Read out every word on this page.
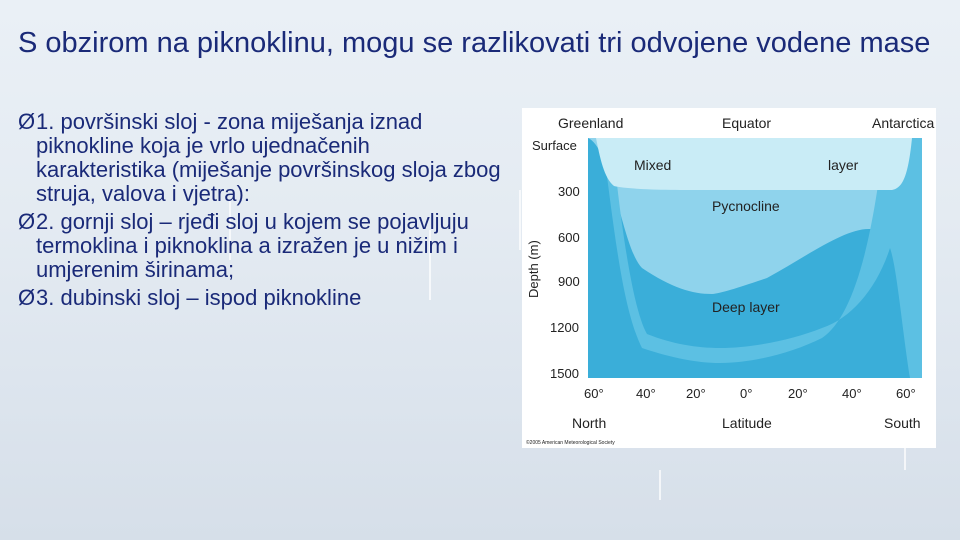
S obzirom na piknoklinu, mogu se razlikovati tri odvojene vodene mase
Ø 1. površinski sloj - zona miješanja iznad piknokline koja je vrlo ujednačenih karakteristika (miješanje površinskog sloja zbog struja, valova i vjetra):
Ø 2. gornji sloj – rjeđi sloj u kojem se pojavljuju termoklina i piknoklina a izražen je u nižim i umjerenim širinama;
Ø 3. dubinski sloj – ispod piknokline
Greenland	Equator	Antarctica
Surface
300
600
900
1200
1500
Depth (m)
Mixed	layer
Pycnocline
Deep layer
60° 40° 20°	0°	20°	40°	60°
North	Latitude	South
©2005 American Meteorological Society
